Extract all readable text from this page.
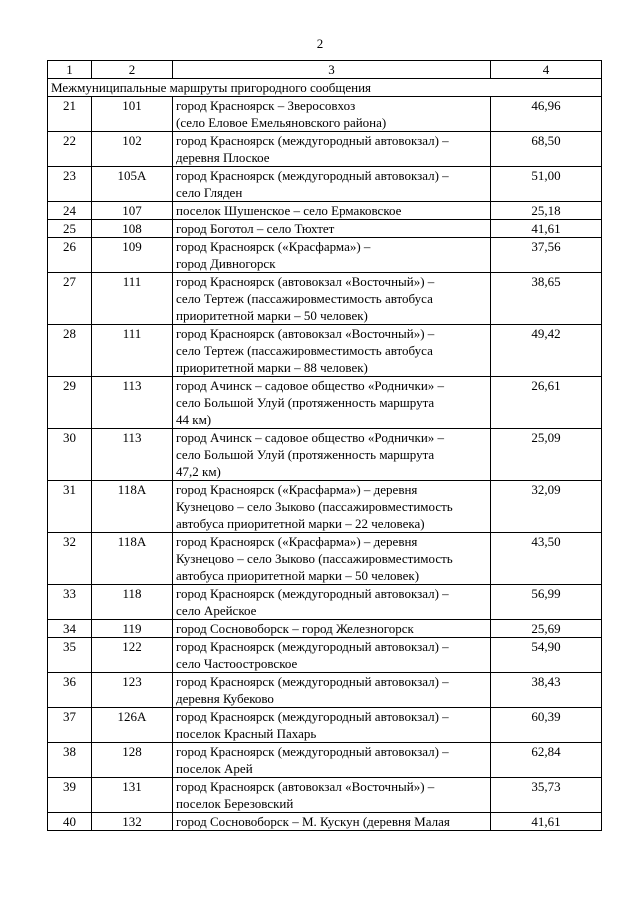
2
1	2	3	4
Межмуниципальные маршруты пригородного сообщения			
21	101	город Красноярск – Зверосовхоз
(село Еловое Емельяновского района)	46,96
22	102	город Красноярск (междугородный автовокзал) –
деревня Плоское	68,50
23	105А	город Красноярск (междугородный автовокзал) –
село Гляден	51,00
24	107	поселок Шушенское – село Ермаковское	25,18
25	108	город Боготол – село Тюхтет	41,61
26	109	город Красноярск («Красфарма») –
город Дивногорск	37,56
27	111	город Красноярск (автовокзал «Восточный») –
село Тертеж (пассажировместимость автобуса
приоритетной марки – 50 человек)	38,65
28	111	город Красноярск (автовокзал «Восточный») –
село Тертеж (пассажировместимость автобуса
приоритетной марки – 88 человек)	49,42
29	113	город Ачинск – садовое общество «Роднички» –
село Большой Улуй (протяженность маршрута
44 км)	26,61
30	113	город Ачинск – садовое общество «Роднички» –
село Большой Улуй (протяженность маршрута
47,2 км)	25,09
31	118А	город Красноярск («Красфарма») – деревня
Кузнецово – село Зыково (пассажировместимость
автобуса приоритетной марки – 22 человека)	32,09
32	118А	город Красноярск («Красфарма») – деревня
Кузнецово – село Зыково (пассажировместимость
автобуса приоритетной марки – 50 человек)	43,50
33	118	город Красноярск (междугородный автовокзал) –
село Арейское	56,99
34	119	город Сосновоборск – город Железногорск	25,69
35	122	город Красноярск (междугородный автовокзал) –
село Частоостровское	54,90
36	123	город Красноярск (междугородный автовокзал) –
деревня Кубеково	38,43
37	126А	город Красноярск (междугородный автовокзал) –
поселок Красный Пахарь	60,39
38	128	город Красноярск (междугородный автовокзал) –
поселок Арей	62,84
39	131	город Красноярск (автовокзал «Восточный») –
поселок Березовский	35,73
40	132	город Сосновоборск – М. Кускун (деревня Малая	41,61
